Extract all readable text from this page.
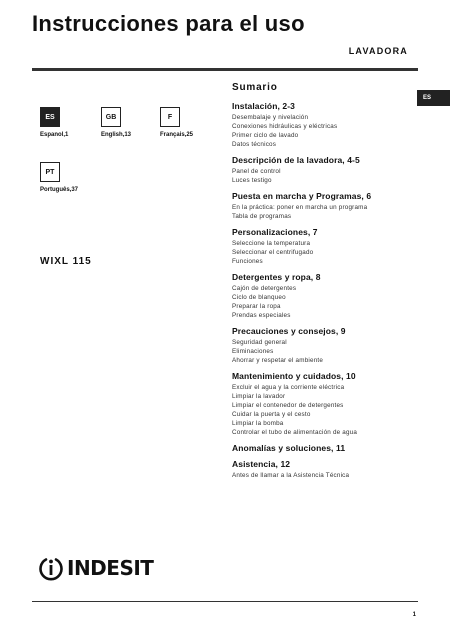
Instrucciones para el uso
LAVADORA
ES
ES
Espanol,1
GB
English,13
F
Français,25
PT
Português,37
WIXL 115
Sumario
Instalación, 2-3
Desembalaje y nivelación
Conexiones hidráulicas y eléctricas
Primer ciclo de lavado
Datos técnicos
Descripción de la lavadora, 4-5
Panel de control
Luces testigo
Puesta en marcha y Programas, 6
En la práctica: poner en marcha un programa
Tabla de programas
Personalizaciones, 7
Seleccione la temperatura
Seleccionar el centrifugado
Funciones
Detergentes y ropa, 8
Cajón de detergentes
Ciclo de blanqueo
Preparar la ropa
Prendas especiales
Precauciones y consejos, 9
Seguridad general
Eliminaciones
Ahorrar y respetar el ambiente
Mantenimiento y cuidados, 10
Excluir el agua y la corriente eléctrica
Limpiar la lavador
Limpiar el contenedor de detergentes
Cuidar la puerta y el cesto
Limpiar la bomba
Controlar el tubo de alimentación de agua
Anomalías y soluciones, 11
Asistencia, 12
Antes de llamar a la Asistencia Técnica
INDESIT
1
